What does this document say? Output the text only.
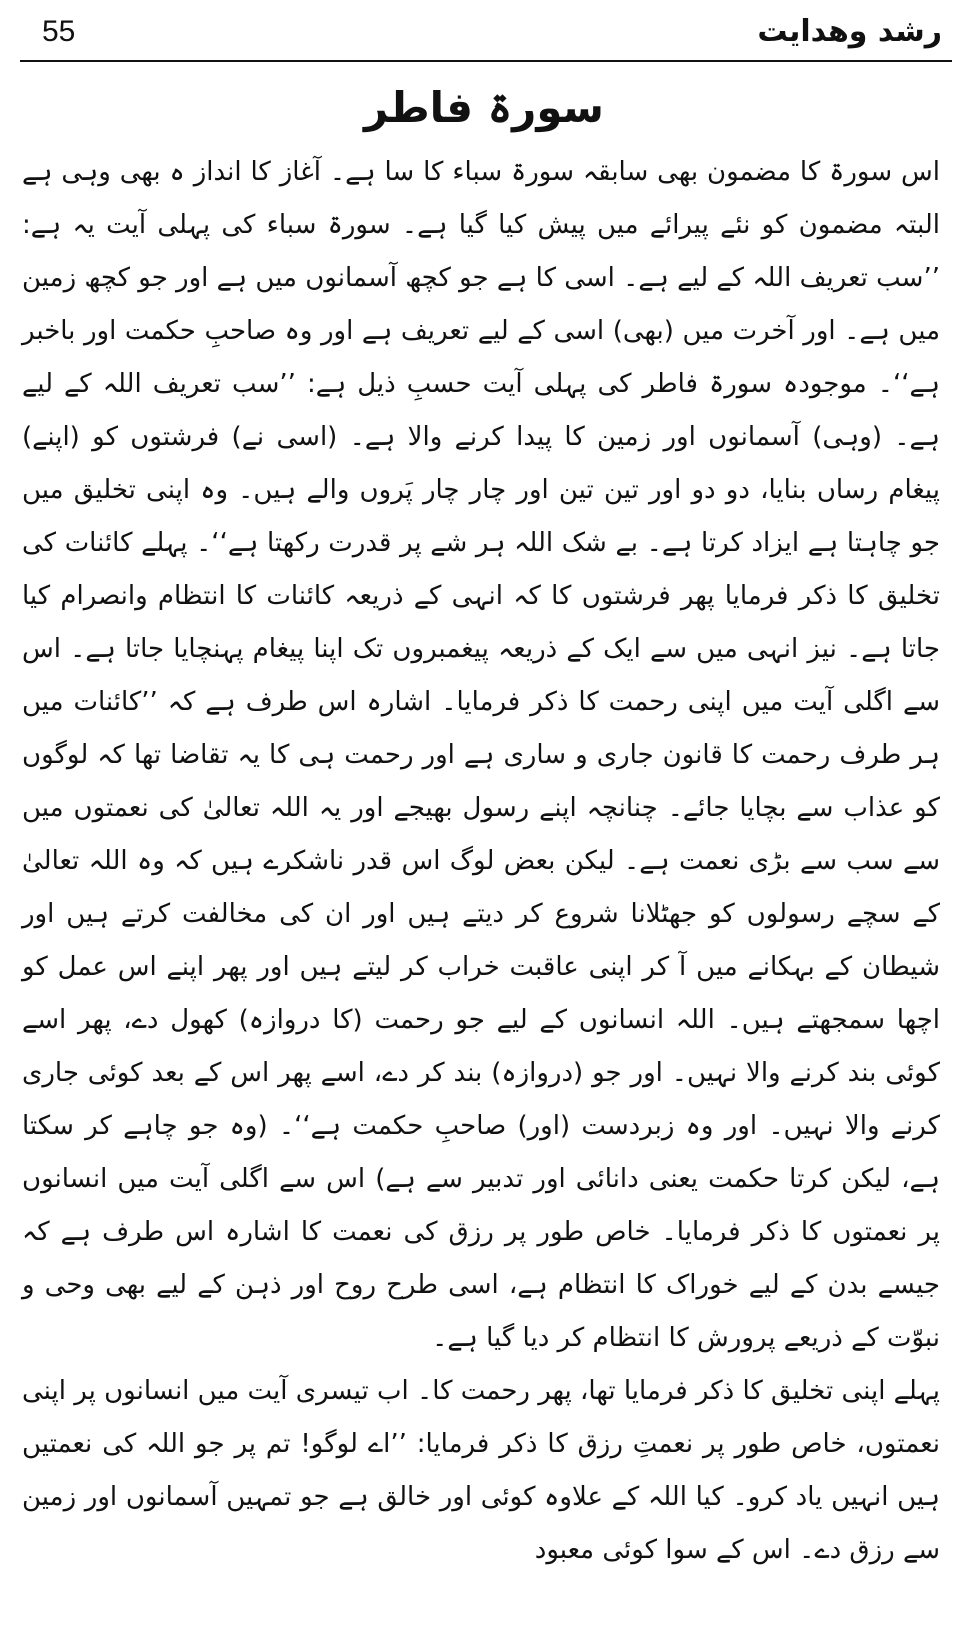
55	رشد وهدایت
سورۃ فاطر

اس سورۃ کا مضمون بھی سابقہ سورۃ سباء کا سا ہے۔ آغاز کا انداز ہ بھی وہی ہے البتہ مضمون کو نئے پیرائے میں پیش کیا گیا ہے۔ سورۃ سباء کی پہلی آیت یہ ہے: ’’سب تعریف اللہ کے لیے ہے۔ اسی کا ہے جو کچھ آسمانوں میں ہے اور جو کچھ زمین میں ہے۔ اور آخرت میں (بھی) اسی کے لیے تعریف ہے اور وہ صاحبِ حکمت اور باخبر ہے‘‘۔ موجودہ سورۃ فاطر کی پہلی آیت حسبِ ذیل ہے: ’’سب تعریف اللہ کے لیے ہے۔ (وہی) آسمانوں اور زمین کا پیدا کرنے والا ہے۔ (اسی نے) فرشتوں کو (اپنے) پیغام رساں بنایا، دو دو اور تین تین اور چار چار پَروں والے ہیں۔ وہ اپنی تخلیق میں جو چاہتا ہے ایزاد کرتا ہے۔ بے شک اللہ ہر شے پر قدرت رکھتا ہے‘‘۔ پہلے کائنات کی تخلیق کا ذکر فرمایا پھر فرشتوں کا کہ انہی کے ذریعہ کائنات کا انتظام وانصرام کیا جاتا ہے۔ نیز انہی میں سے ایک کے ذریعہ پیغمبروں تک اپنا پیغام پہنچایا جاتا ہے۔ اس سے اگلی آیت میں اپنی رحمت کا ذکر فرمایا۔ اشارہ اس طرف ہے کہ ’’کائنات میں ہر طرف رحمت کا قانون جاری و ساری ہے اور رحمت ہی کا یہ تقاضا تھا کہ لوگوں کو عذاب سے بچایا جائے۔ چنانچہ اپنے رسول بھیجے اور یہ اللہ تعالیٰ کی نعمتوں میں سے سب سے بڑی نعمت ہے۔ لیکن بعض لوگ اس قدر ناشکرے ہیں کہ وہ اللہ تعالیٰ کے سچے رسولوں کو جھٹلانا شروع کر دیتے ہیں اور ان کی مخالفت کرتے ہیں اور شیطان کے بہکانے میں آ کر اپنی عاقبت خراب کر لیتے ہیں اور پھر اپنے اس عمل کو اچھا سمجھتے ہیں۔ اللہ انسانوں کے لیے جو رحمت (کا دروازہ) کھول دے، پھر اسے کوئی بند کرنے والا نہیں۔ اور جو (دروازہ) بند کر دے، اسے پھر اس کے بعد کوئی جاری کرنے والا نہیں۔ اور وہ زبردست (اور) صاحبِ حکمت ہے‘‘۔ (وہ جو چاہے کر سکتا ہے، لیکن کرتا حکمت یعنی دانائی اور تدبیر سے ہے) اس سے اگلی آیت میں انسانوں پر نعمتوں کا ذکر فرمایا۔ خاص طور پر رزق کی نعمت کا اشارہ اس طرف ہے کہ جیسے بدن کے لیے خوراک کا انتظام ہے، اسی طرح روح اور ذہن کے لیے بھی وحی و نبوّت کے ذریعے پرورش کا انتظام کر دیا گیا ہے۔

پہلے اپنی تخلیق کا ذکر فرمایا تھا، پھر رحمت کا۔ اب تیسری آیت میں انسانوں پر اپنی نعمتوں، خاص طور پر نعمتِ رزق کا ذکر فرمایا: ’’اے لوگو! تم پر جو اللہ کی نعمتیں ہیں انہیں یاد کرو۔ کیا اللہ کے علاوہ کوئی اور خالق ہے جو تمہیں آسمانوں اور زمین سے رزق دے۔ اس کے سوا کوئی معبود
